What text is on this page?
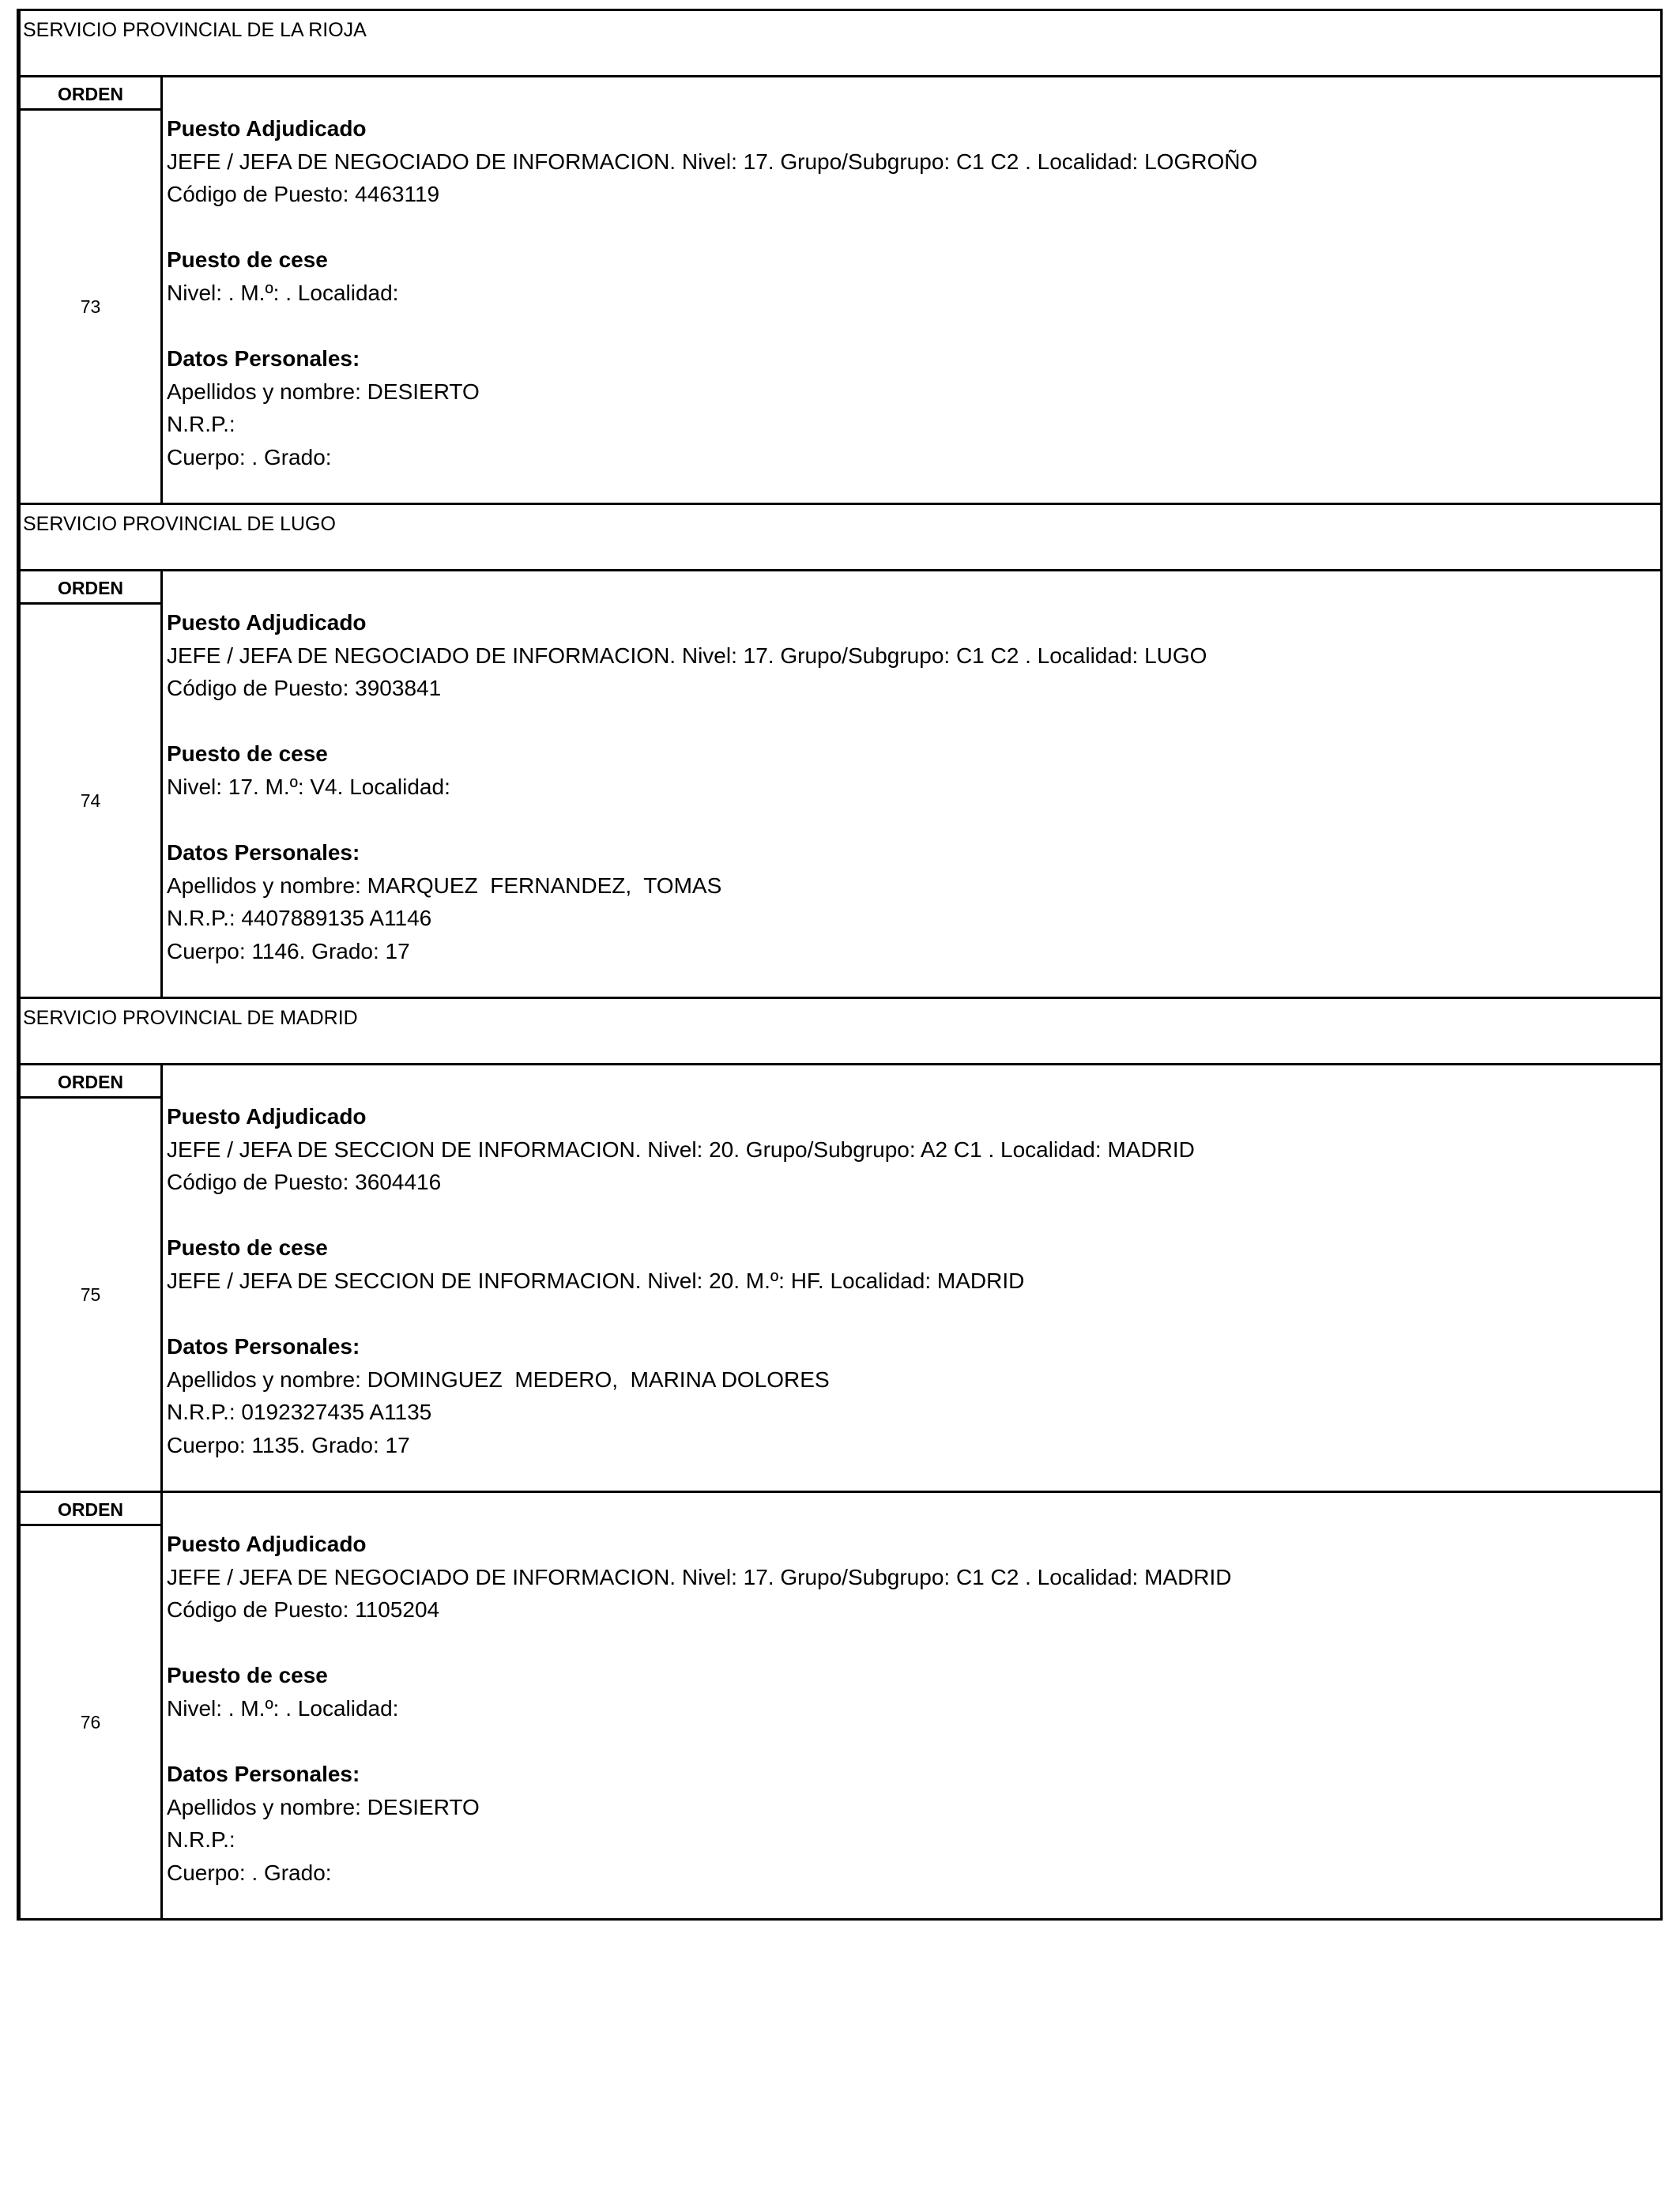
SERVICIO PROVINCIAL DE LA RIOJA
ORDEN
73
Puesto Adjudicado
JEFE / JEFA DE NEGOCIADO DE INFORMACION. Nivel: 17. Grupo/Subgrupo: C1 C2 . Localidad: LOGROÑO
Código de Puesto: 4463119
Puesto de cese
Nivel: . M.º: . Localidad:
Datos Personales:
Apellidos y nombre: DESIERTO
N.R.P.:
Cuerpo: . Grado:
SERVICIO PROVINCIAL DE LUGO
ORDEN
74
Puesto Adjudicado
JEFE / JEFA DE NEGOCIADO DE INFORMACION. Nivel: 17. Grupo/Subgrupo: C1 C2 . Localidad: LUGO
Código de Puesto: 3903841
Puesto de cese
Nivel: 17. M.º: V4. Localidad:
Datos Personales:
Apellidos y nombre: MARQUEZ  FERNANDEZ,  TOMAS
N.R.P.: 4407889135 A1146
Cuerpo: 1146. Grado: 17
SERVICIO PROVINCIAL DE MADRID
ORDEN
75
Puesto Adjudicado
JEFE / JEFA DE SECCION DE INFORMACION. Nivel: 20. Grupo/Subgrupo: A2 C1 . Localidad: MADRID
Código de Puesto: 3604416
Puesto de cese
JEFE / JEFA DE SECCION DE INFORMACION. Nivel: 20. M.º: HF. Localidad: MADRID
Datos Personales:
Apellidos y nombre: DOMINGUEZ  MEDERO,  MARINA DOLORES
N.R.P.: 0192327435 A1135
Cuerpo: 1135. Grado: 17
ORDEN
76
Puesto Adjudicado
JEFE / JEFA DE NEGOCIADO DE INFORMACION. Nivel: 17. Grupo/Subgrupo: C1 C2 . Localidad: MADRID
Código de Puesto: 1105204
Puesto de cese
Nivel: . M.º: . Localidad:
Datos Personales:
Apellidos y nombre: DESIERTO
N.R.P.:
Cuerpo: . Grado:
